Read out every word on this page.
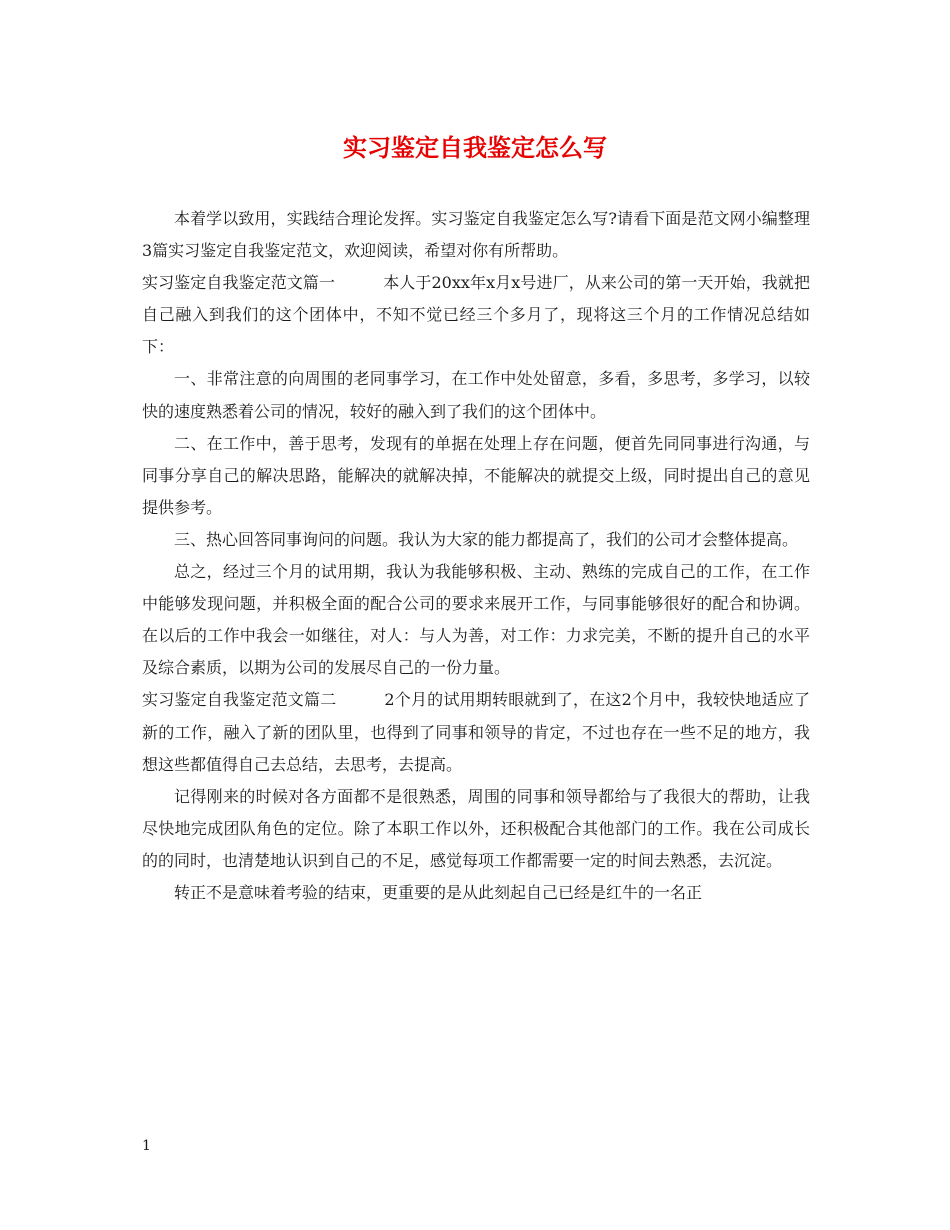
实习鉴定自我鉴定怎么写

本着学以致用，实践结合理论发挥。实习鉴定自我鉴定怎么写?请看下面是范文网小编整理3篇实习鉴定自我鉴定范文，欢迎阅读，希望对你有所帮助。

实习鉴定自我鉴定范文篇一	本人于20xx年x月x号进厂，从来公司的第一天开始，我就把自己融入到我们的这个团体中，不知不觉已经三个多月了，现将这三个月的工作情况总结如下：

一、非常注意的向周围的老同事学习，在工作中处处留意，多看，多思考，多学习，以较快的速度熟悉着公司的情况，较好的融入到了我们的这个团体中。

二、在工作中，善于思考，发现有的单据在处理上存在问题，便首先同同事进行沟通，与同事分享自己的解决思路，能解决的就解决掉，不能解决的就提交上级，同时提出自己的意见提供参考。

三、热心回答同事询问的问题。我认为大家的能力都提高了，我们的公司才会整体提高。

总之，经过三个月的试用期，我认为我能够积极、主动、熟练的完成自己的工作，在工作中能够发现问题，并积极全面的配合公司的要求来展开工作，与同事能够很好的配合和协调。在以后的工作中我会一如继往，对人：与人为善，对工作：力求完美，不断的提升自己的水平及综合素质，以期为公司的发展尽自己的一份力量。

实习鉴定自我鉴定范文篇二	2个月的试用期转眼就到了，在这2个月中，我较快地适应了新的工作，融入了新的团队里，也得到了同事和领导的肯定，不过也存在一些不足的地方，我想这些都值得自己去总结，去思考，去提高。

记得刚来的时候对各方面都不是很熟悉，周围的同事和领导都给与了我很大的帮助，让我尽快地完成团队角色的定位。除了本职工作以外，还积极配合其他部门的工作。我在公司成长的的同时，也清楚地认识到自己的不足，感觉每项工作都需要一定的时间去熟悉，去沉淀。

转正不是意味着考验的结束，更重要的是从此刻起自己已经是红牛的一名正

1
